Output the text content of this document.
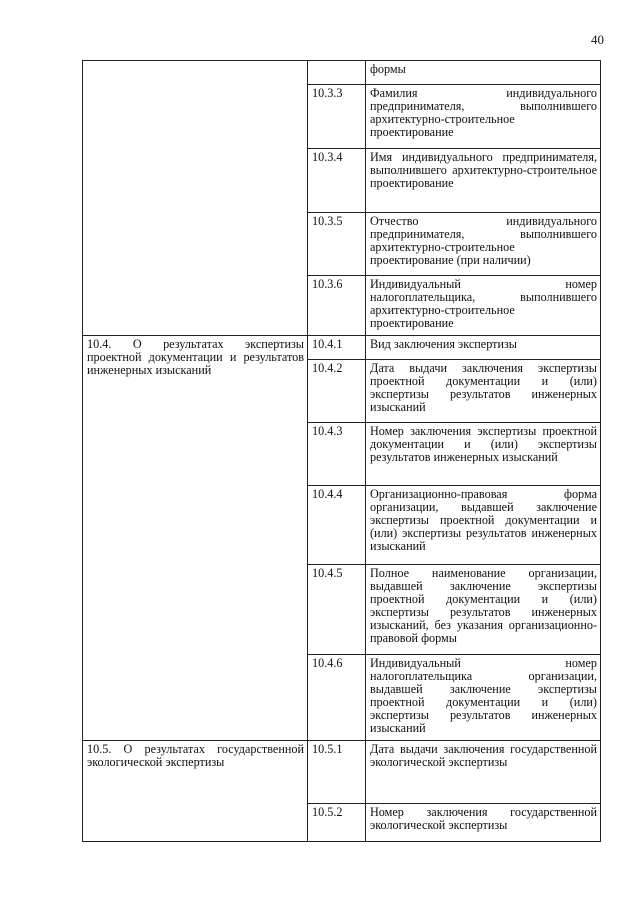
40
		формы
	10.3.3	Фамилия индивидуального предпринимателя, выполнившего архитектурно-строительное проектирование
	10.3.4	Имя индивидуального предпринимателя, выполнившего архитектурно-строительное проектирование
	10.3.5	Отчество индивидуального предпринимателя, выполнившего архитектурно-строительное проектирование (при наличии)
	10.3.6	Индивидуальный номер налогоплательщика, выполнившего архитектурно-строительное проектирование
10.4. О результатах экспертизы проектной документации и результатов инженерных изысканий	10.4.1	Вид заключения экспертизы
	10.4.2	Дата выдачи заключения экспертизы проектной документации и (или) экспертизы результатов инженерных изысканий
	10.4.3	Номер заключения экспертизы проектной документации и (или) экспертизы результатов инженерных изысканий
	10.4.4	Организационно-правовая форма организации, выдавшей заключение экспертизы проектной документации и (или) экспертизы результатов инженерных изысканий
	10.4.5	Полное наименование организации, выдавшей заключение экспертизы проектной документации и (или) экспертизы результатов инженерных изысканий, без указания организационно-правовой формы
	10.4.6	Индивидуальный номер налогоплательщика организации, выдавшей заключение экспертизы проектной документации и (или) экспертизы результатов инженерных изысканий
10.5. О результатах государственной экологической экспертизы	10.5.1	Дата выдачи заключения государственной экологической экспертизы
	10.5.2	Номер заключения государственной экологической экспертизы
